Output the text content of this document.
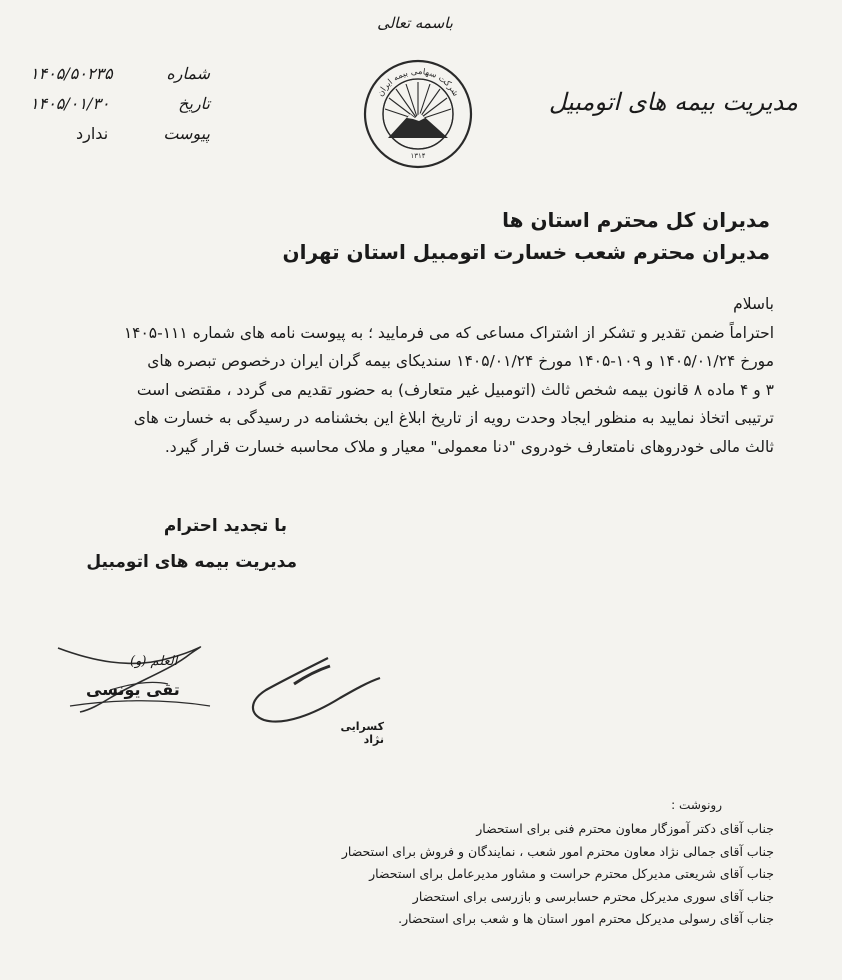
باسمه تعالی
۱۴۰۵/۵۰۲۳۵	شماره
۱۴۰۵/۰۱/۳۰	تاریخ
ندارد	پیوست
شرکت سهامی بیمه ایران
۱۳۱۴
مدیریت بیمه های اتومبیل
مدیران کل محترم استان ها
مدیران محترم شعب خسارت اتومبیل استان تهران
باسلام
احتراماً ضمن تقدیر و تشکر از اشتراک مساعی که می فرمایید ؛ به پیوست نامه های شماره ۱۱۱-۱۴۰۵
مورخ ۱۴۰۵/۰۱/۲۴ و ۱۰۹-۱۴۰۵ مورخ ۱۴۰۵/۰۱/۲۴ سندیکای بیمه گران ایران درخصوص تبصره های
۳ و ۴ ماده ۸ قانون بیمه شخص ثالث (اتومبیل غیر متعارف) به حضور تقدیم می گردد ، مقتضی است
ترتیبی اتخاذ نمایید به منظور ایجاد وحدت رویه از تاریخ ابلاغ این بخشنامه در رسیدگی به خسارت های
ثالث مالی خودروهای نامتعارف خودروی "دنا معمولی" معیار و ملاک محاسبه خسارت قرار گیرد.
با تجدید احترام
مدیریت بیمه های اتومبیل
العلم (و)
تقی یونسی
کسرایی نژاد
رونوشت :
جناب آقای دکتر آموزگار معاون محترم فنی برای استحضار
جناب آقای جمالی نژاد معاون محترم امور شعب ، نمایندگان و فروش برای استحضار
جناب آقای شریعتی مدیرکل محترم حراست و مشاور مدیرعامل برای استحضار
جناب آقای سوری مدیرکل محترم حسابرسی و بازرسی برای استحضار
جناب آقای رسولی مدیرکل محترم امور استان ها و شعب برای استحضار.
